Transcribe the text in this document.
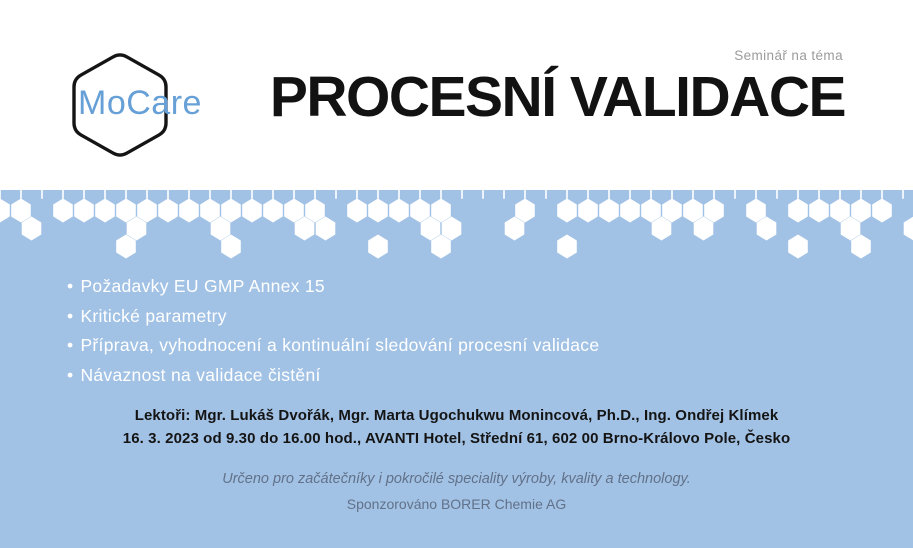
MoCare
Seminář na téma
PROCESNÍ VALIDACE
• Požadavky EU GMP Annex 15
• Kritické parametry
• Příprava, vyhodnocení a kontinuální sledování procesní validace
• Návaznost na validace čistění
Lektoři: Mgr. Lukáš Dvořák, Mgr. Marta Ugochukwu Monincová, Ph.D., Ing. Ondřej Klímek
16. 3. 2023 od 9.30 do 16.00 hod., AVANTI Hotel, Střední 61, 602 00 Brno-Královo Pole, Česko
Určeno pro začátečníky i pokročilé speciality výroby, kvality a technology.
Sponzorováno BORER Chemie AG
